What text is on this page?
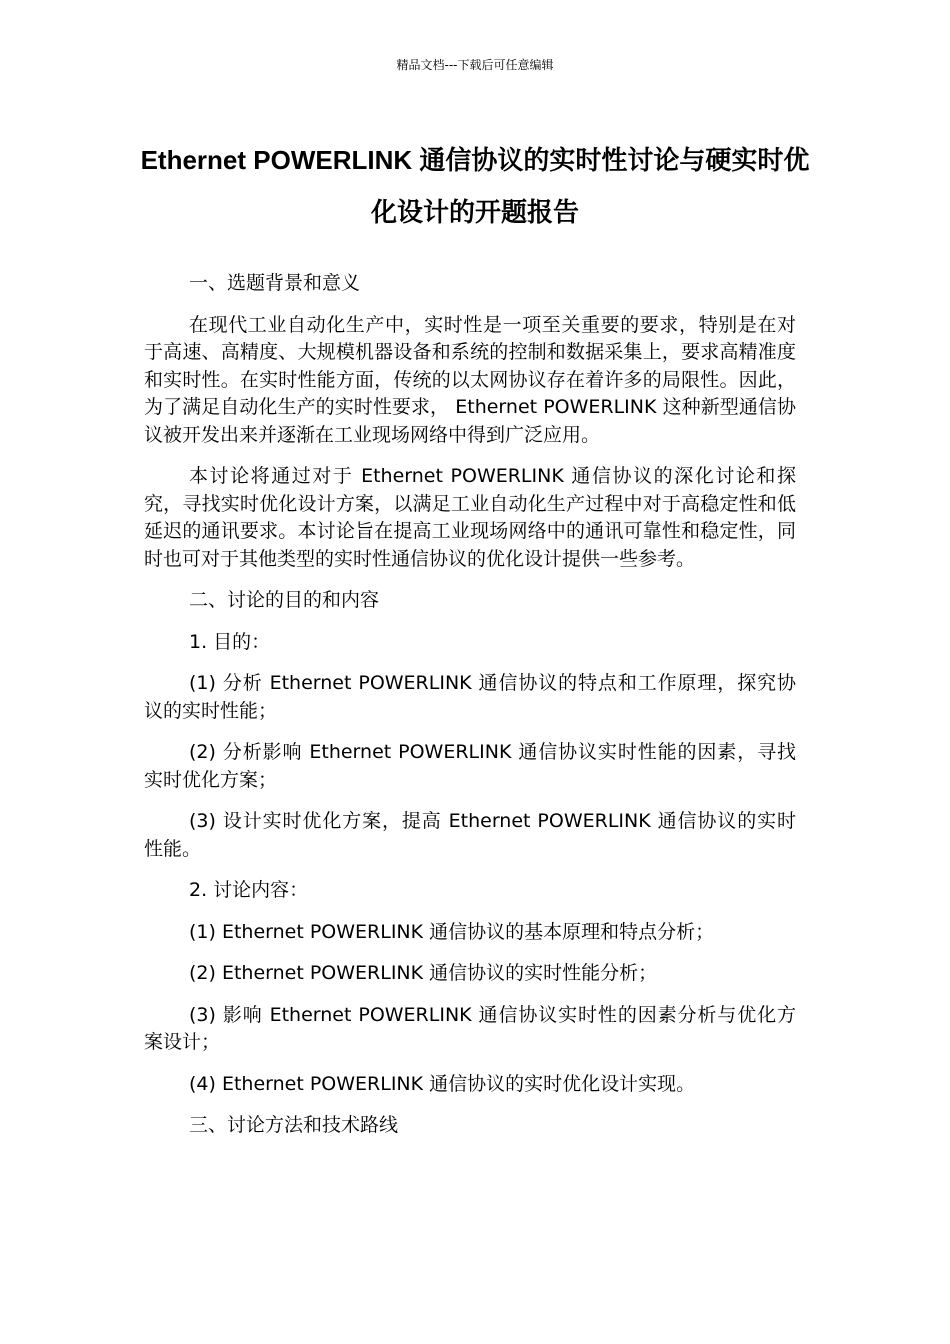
精品文档---下载后可任意编辑
Ethernet POWERLINK 通信协议的实时性讨论与硬实时优化设计的开题报告

一、选题背景和意义

在现代工业自动化生产中，实时性是一项至关重要的要求，特别是在对于高速、高精度、大规模机器设备和系统的控制和数据采集上，要求高精准度和实时性。在实时性能方面，传统的以太网协议存在着许多的局限性。因此，为了满足自动化生产的实时性要求， Ethernet POWERLINK 这种新型通信协议被开发出来并逐渐在工业现场网络中得到广泛应用。

本讨论将通过对于 Ethernet POWERLINK 通信协议的深化讨论和探究，寻找实时优化设计方案，以满足工业自动化生产过程中对于高稳定性和低延迟的通讯要求。本讨论旨在提高工业现场网络中的通讯可靠性和稳定性，同时也可对于其他类型的实时性通信协议的优化设计提供一些参考。

二、讨论的目的和内容

1. 目的：

(1) 分析 Ethernet POWERLINK 通信协议的特点和工作原理，探究协议的实时性能；

(2) 分析影响 Ethernet POWERLINK 通信协议实时性能的因素，寻找实时优化方案；

(3) 设计实时优化方案，提高 Ethernet POWERLINK 通信协议的实时性能。

2. 讨论内容：

(1) Ethernet POWERLINK 通信协议的基本原理和特点分析；

(2) Ethernet POWERLINK 通信协议的实时性能分析；

(3) 影响 Ethernet POWERLINK 通信协议实时性的因素分析与优化方案设计；

(4) Ethernet POWERLINK 通信协议的实时优化设计实现。

三、讨论方法和技术路线
